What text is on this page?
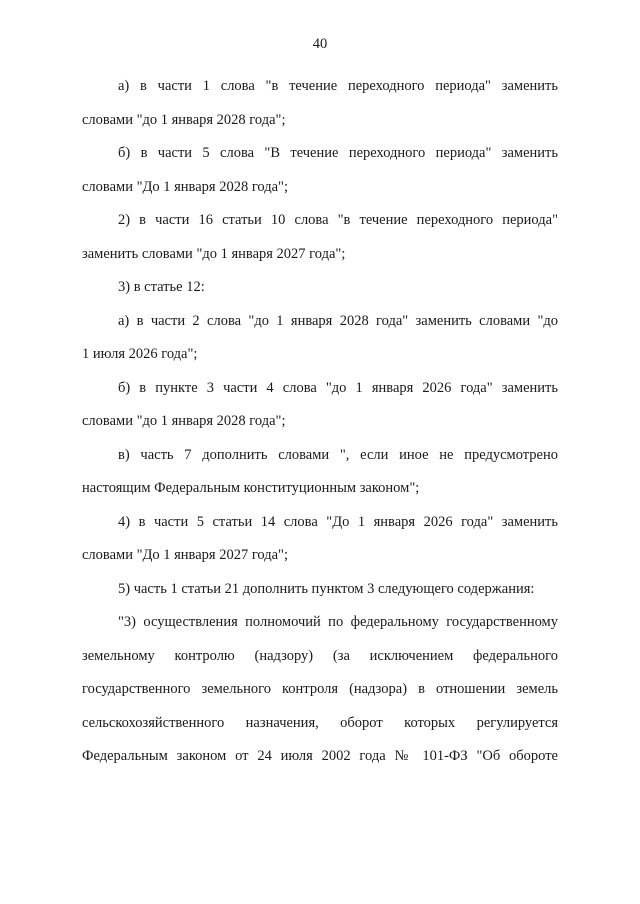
40
а) в части 1 слова "в течение переходного периода" заменить
словами "до 1 января 2028 года";
б) в части 5 слова "В течение переходного периода" заменить
словами "До 1 января 2028 года";
2) в части 16 статьи 10 слова "в течение переходного периода"
заменить словами "до 1 января 2027 года";
3) в статье 12:
а) в части 2 слова "до 1 января 2028 года" заменить словами "до
1 июля 2026 года";
б) в пункте 3 части 4 слова "до 1 января 2026 года" заменить
словами "до 1 января 2028 года";
в) часть 7 дополнить словами ", если иное не предусмотрено
настоящим Федеральным конституционным законом";
4) в части 5 статьи 14 слова "До 1 января 2026 года" заменить
словами "До 1 января 2027 года";
5) часть 1 статьи 21 дополнить пунктом 3 следующего содержания:
"3) осуществления полномочий по федеральному государственному
земельному контролю (надзору) (за исключением федерального
государственного земельного контроля (надзора) в отношении земель
сельскохозяйственного назначения, оборот которых регулируется
Федеральным законом от 24 июля 2002 года № 101-ФЗ "Об обороте
